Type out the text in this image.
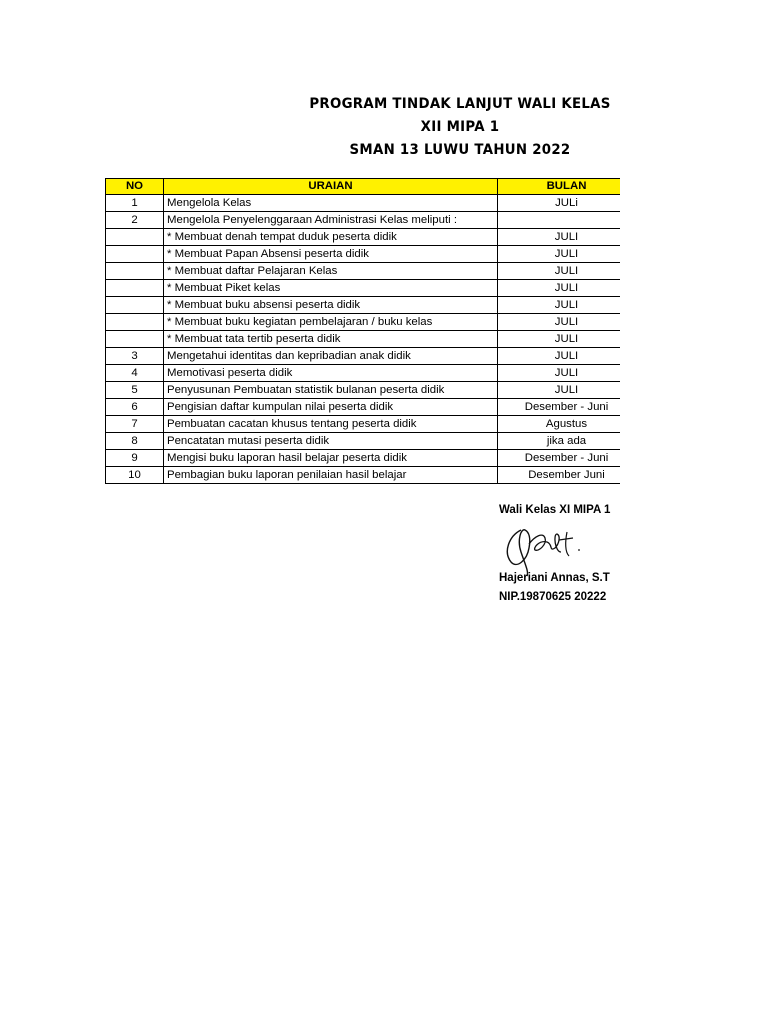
PROGRAM TINDAK LANJUT WALI KELAS
XII MIPA 1
SMAN 13 LUWU TAHUN 2022
NO	URAIAN	BULAN
1	Mengelola Kelas	JULi
2	Mengelola Penyelenggaraan Administrasi Kelas meliputi :	
	* Membuat denah tempat duduk peserta didik	JULI
	* Membuat Papan Absensi peserta didik	JULI
	* Membuat daftar Pelajaran Kelas	JULI
	* Membuat Piket kelas	JULI
	* Membuat buku absensi peserta didik	JULI
	* Membuat buku kegiatan pembelajaran / buku kelas	JULI
	* Membuat tata tertib peserta didik	JULI
3	Mengetahui identitas dan kepribadian anak didik	JULI
4	Memotivasi peserta didik	JULI
5	Penyusunan Pembuatan statistik bulanan peserta didik	JULI
6	Pengisian daftar kumpulan nilai peserta didik	Desember - Juni
7	Pembuatan cacatan khusus tentang peserta didik	Agustus
8	Pencatatan mutasi peserta didik	jika ada
9	Mengisi buku laporan hasil belajar peserta didik	Desember - Juni
10	Pembagian buku laporan penilaian hasil belajar	Desember Juni
Wali Kelas XI MIPA 1
Hajeriani Annas, S.T
NIP.19870625 20222
